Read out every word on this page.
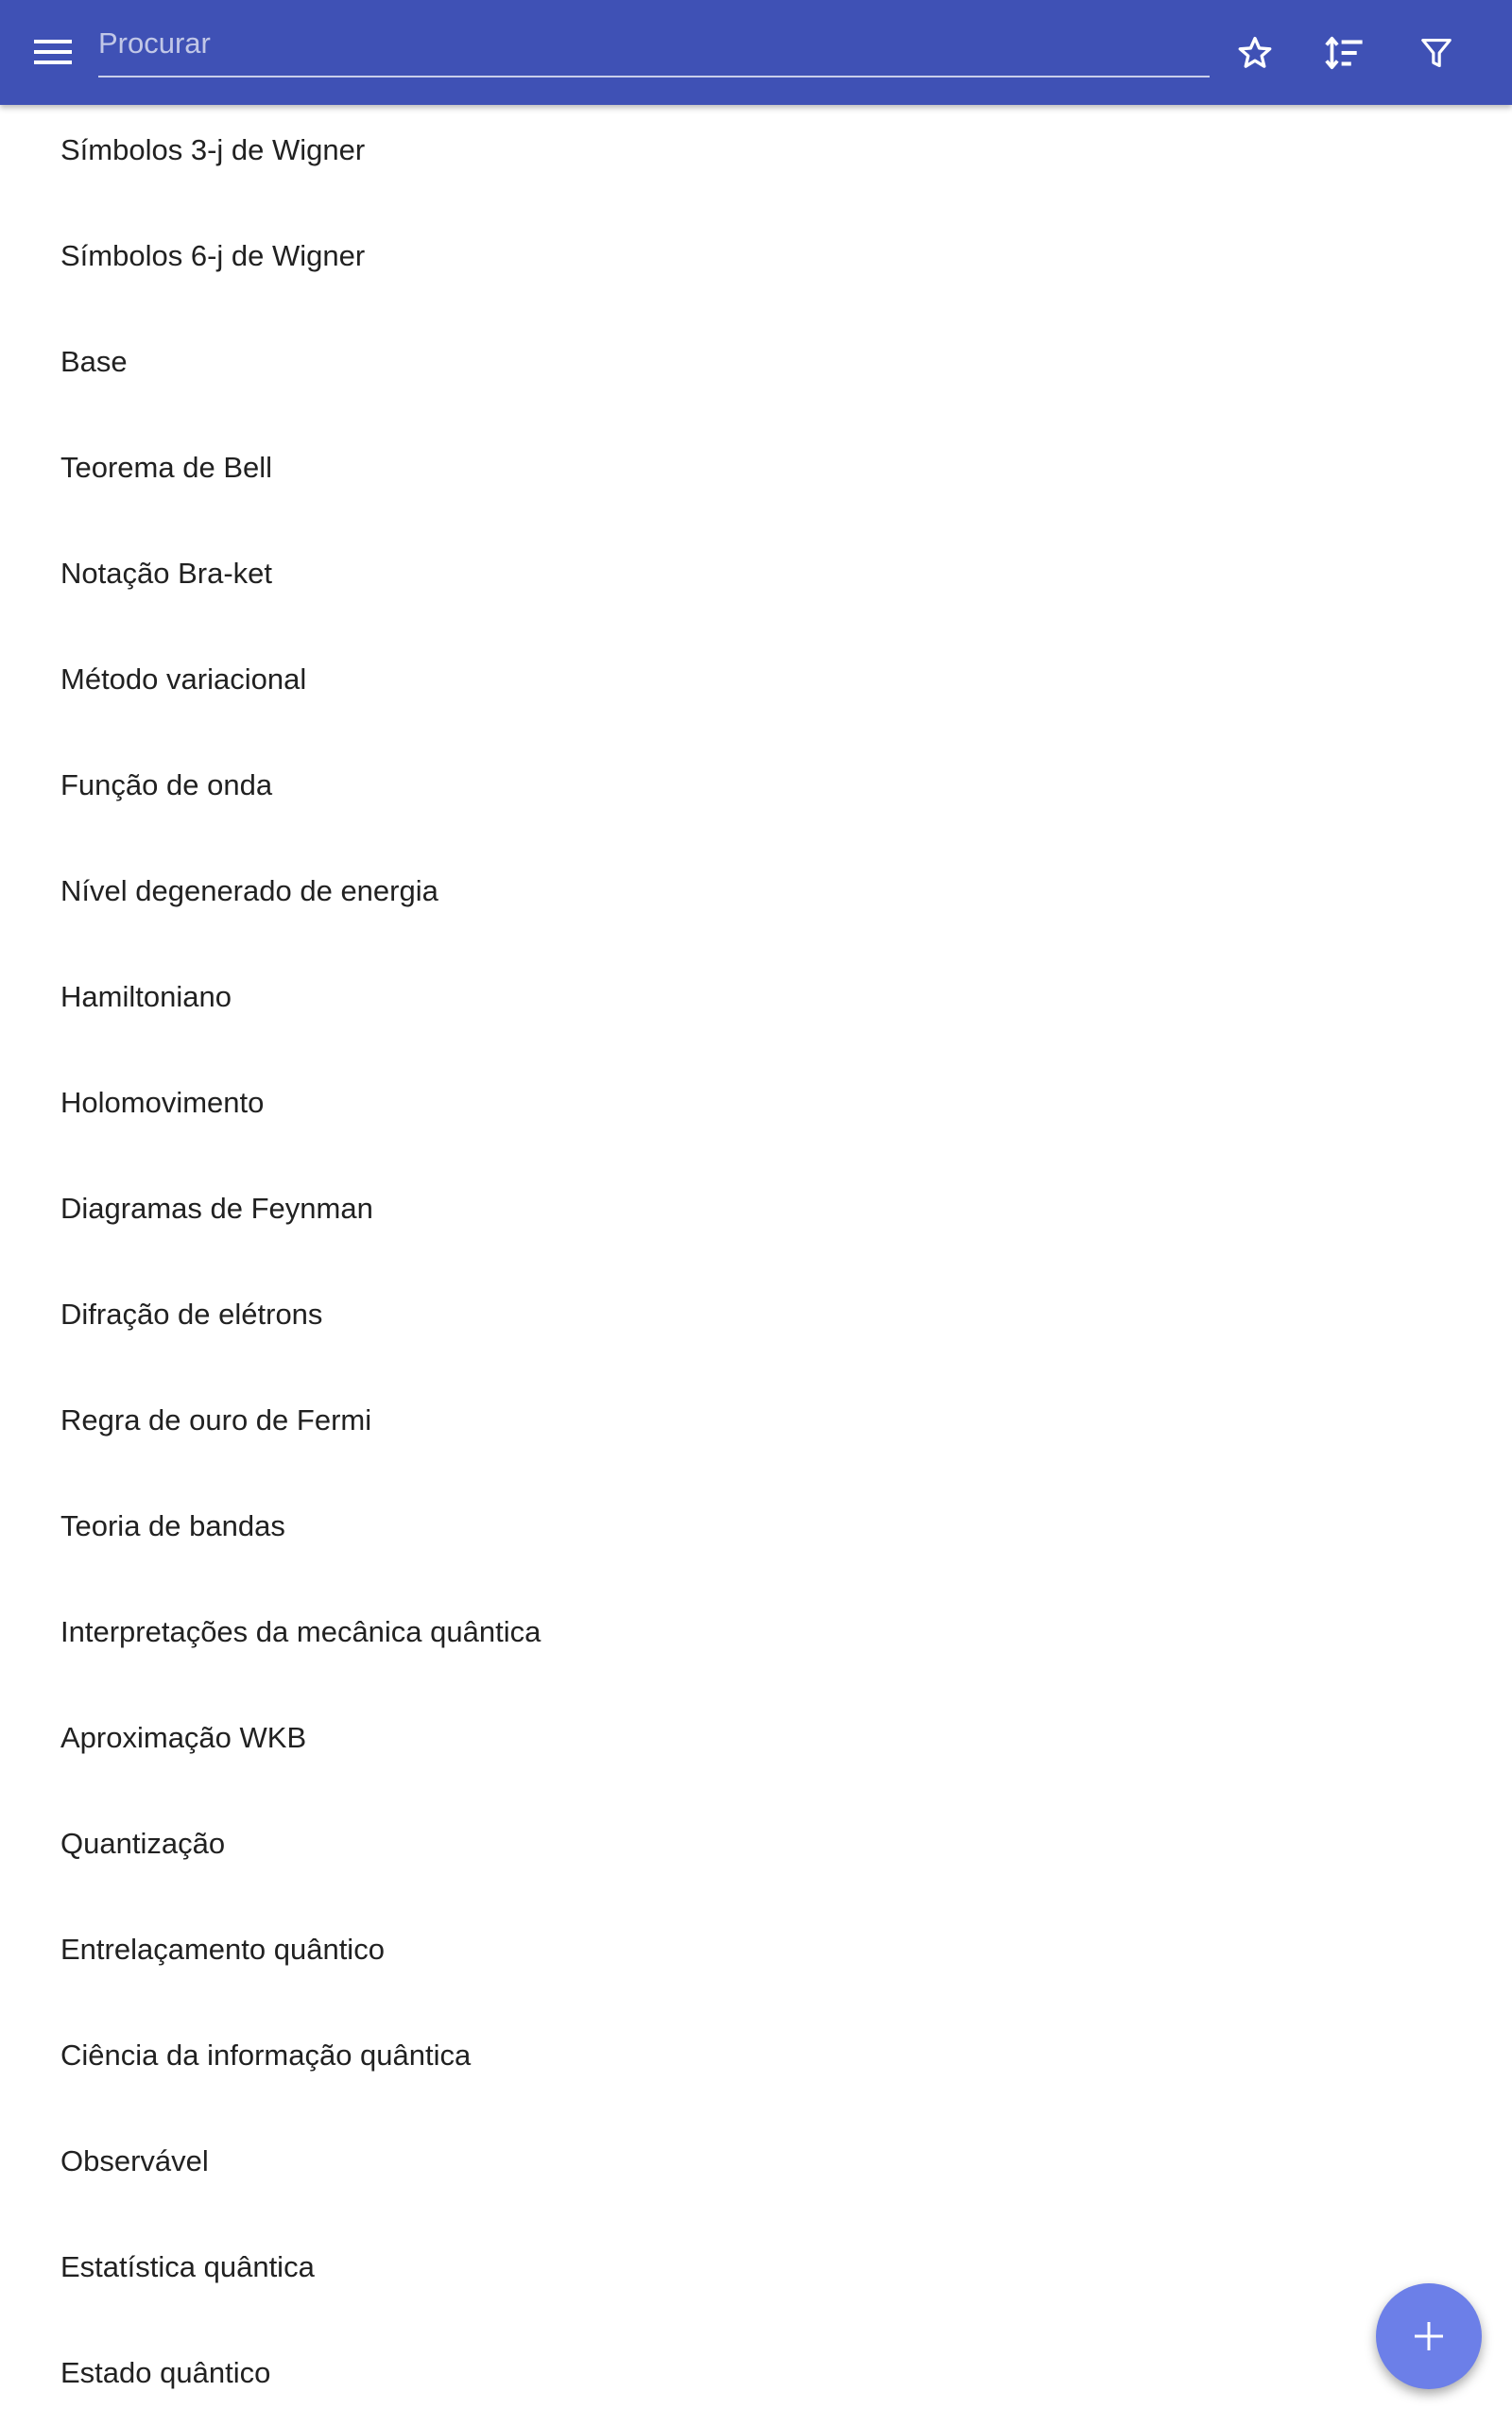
Procurar
Símbolos 3-j de Wigner
Símbolos 6-j de Wigner
Base
Teorema de Bell
Notação Bra-ket
Método variacional
Função de onda
Nível degenerado de energia
Hamiltoniano
Holomovimento
Diagramas de Feynman
Difração de elétrons
Regra de ouro de Fermi
Teoria de bandas
Interpretações da mecânica quântica
Aproximação WKB
Quantização
Entrelaçamento quântico
Ciência da informação quântica
Observável
Estatística quântica
Estado quântico
